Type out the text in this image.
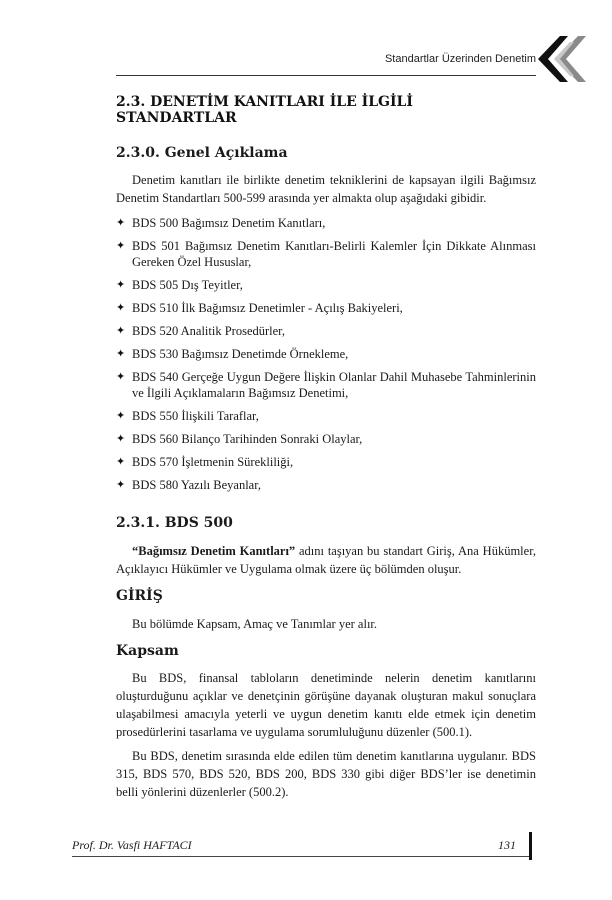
Standartlar Üzerinden Denetim
2.3. DENETİM KANITLARI İLE İLGİLİ STANDARTLAR
2.3.0. Genel Açıklama

Denetim kanıtları ile birlikte denetim tekniklerini de kapsayan ilgili Bağımsız Denetim Standartları 500-599 arasında yer almakta olup aşağıdaki gibidir.

✦ BDS 500 Bağımsız Denetim Kanıtları,
✦ BDS 501 Bağımsız Denetim Kanıtları-Belirli Kalemler İçin Dikkate Alınması Gereken Özel Hususlar,
✦ BDS 505 Dış Teyitler,
✦ BDS 510 İlk Bağımsız Denetimler - Açılış Bakiyeleri,
✦ BDS 520 Analitik Prosedürler,
✦ BDS 530 Bağımsız Denetimde Örnekleme,
✦ BDS 540 Gerçeğe Uygun Değere İlişkin Olanlar Dahil Muhasebe Tahminlerinin ve İlgili Açıklamaların Bağımsız Denetimi,
✦ BDS 550 İlişkili Taraflar,
✦ BDS 560 Bilanço Tarihinden Sonraki Olaylar,
✦ BDS 570 İşletmenin Sürekliliği,
✦ BDS 580 Yazılı Beyanlar,
2.3.1. BDS 500

“Bağımsız Denetim Kanıtları” adını taşıyan bu standart Giriş, Ana Hükümler, Açıklayıcı Hükümler ve Uygulama olmak üzere üç bölümden oluşur.

GİRİŞ

Bu bölümde Kapsam, Amaç ve Tanımlar yer alır.

Kapsam

Bu BDS, finansal tabloların denetiminde nelerin denetim kanıtlarını oluşturduğunu açıklar ve denetçinin görüşüne dayanak oluşturan makul sonuçlara ulaşabilmesi amacıyla yeterli ve uygun denetim kanıtı elde etmek için denetim prosedürlerini tasarlama ve uygulama sorumluluğunu düzenler (500.1).

Bu BDS, denetim sırasında elde edilen tüm denetim kanıtlarına uygulanır. BDS 315, BDS 570, BDS 520, BDS 200, BDS 330 gibi diğer BDS’ler ise denetimin belli yönlerini düzenlerler (500.2).

Prof. Dr. Vasfi HAFTACI	131
